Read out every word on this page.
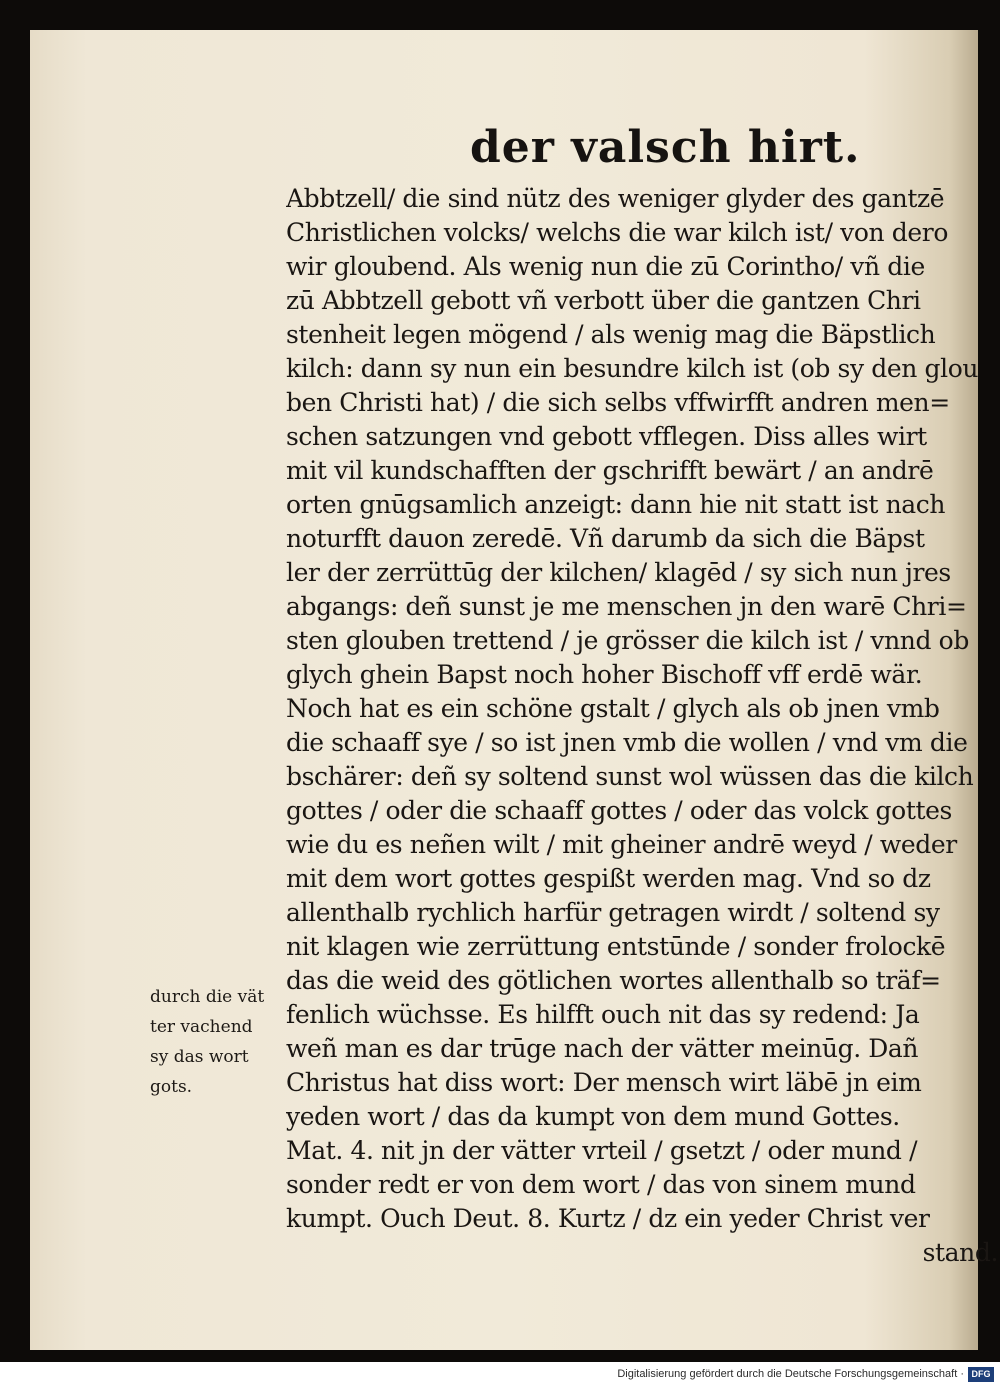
der valsch hirt.
Abbtzell/ die sind nütz des weniger glyder des gantzē
Christlichen volcks/ welchs die war kilch ist/ von dero
wir gloubend. Als wenig nun die zū Corintho/ vñ die
zū Abbtzell gebott vñ verbott über die gantzen Chri
stenheit legen mögend / als wenig mag die Bäpstlich
kilch: dann sy nun ein besundre kilch ist (ob sy den glou
ben Christi hat) / die sich selbs vffwirfft andren men=
schen satzungen vnd gebott vfflegen. Diss alles wirt
mit vil kundschafften der gschrifft bewärt / an andrē
orten gnūgsamlich anzeigt: dann hie nit statt ist nach
noturfft dauon zeredē. Vñ darumb da sich die Bäpst
ler der zerrüttūg der kilchen/ klagēd / sy sich nun jres
abgangs: deñ sunst je me menschen jn den warē Chri=
sten glouben trettend / je grösser die kilch ist / vnnd ob
glych ghein Bapst noch hoher Bischoff vff erdē wär.
Noch hat es ein schöne gstalt / glych als ob jnen vmb
die schaaff sye / so ist jnen vmb die wollen / vnd vm die
bschärer: deñ sy soltend sunst wol wüssen das die kilch
gottes / oder die schaaff gottes / oder das volck gottes
wie du es neñen wilt / mit gheiner andrē weyd / weder
mit dem wort gottes gespißt werden mag. Vnd so dz
allenthalb rychlich harfür getragen wirdt / soltend sy
nit klagen wie zerrüttung entstūnde / sonder frolockē
das die weid des götlichen wortes allenthalb so träf=
fenlich wüchsse. Es hilfft ouch nit das sy redend: Ja
weñ man es dar trūge nach der vätter meinūg. Dañ
Christus hat diss wort: Der mensch wirt läbē jn eim
yeden wort / das da kumpt von dem mund Gottes.
Mat. 4. nit jn der vätter vrteil / gsetzt / oder mund /
sonder redt er von dem wort / das von sinem mund
kumpt. Ouch Deut. 8. Kurtz / dz ein yeder Christ ver
stand.
durch die vät
ter vachend
sy das wort
gots.
Digitalisierung gefördert durch die Deutsche Forschungsgemeinschaft · DFG
